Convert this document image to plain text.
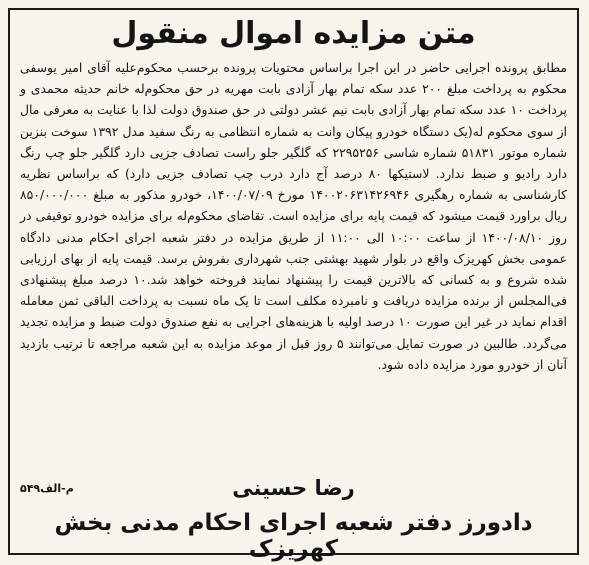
متن مزایده اموال منقول

مطابق پرونده اجرایی حاضر در این اجرا براساس محتویات پرونده برحسب محکوم‌علیه آقای امیر یوسفی محکوم به پرداخت مبلغ ۲۰۰ عدد سکه تمام بهار آزادی بابت مهریه در حق محکوم‌له خانم حدیثه محمدی و پرداخت ۱۰ عدد سکه تمام بهار آزادی بابت نیم عشر دولتی در حق صندوق دولت لذا با عنایت به معرفی مال از سوی محکوم له(یک دستگاه خودرو پیکان وانت به شماره انتظامی به رنگ سفید مدل ۱۳۹۲ سوخت بنزین شماره موتور ۵۱۸۳۱ شماره شاسی ۲۲۹۵۲۵۶ که گلگیر جلو راست تصادف جزیی دارد گلگیر جلو چپ رنگ دارد رادیو و ضبط ندارد. لاستیکها ۸۰ درصد آج دارد درب چپ تصادف جزیی دارد) که براساس نظریه کارشناسی به شماره رهگیری ۱۴۰۰۲۰۶۳۱۴۲۶۹۴۶ مورخ ۱۴۰۰/۰۷/۰۹، خودرو مذکور به مبلغ ۸۵۰/۰۰۰/۰۰۰ ریال براورد قیمت میشود که قیمت پایه برای مزایده است. تقاضای محکوم‌له برای مزایده خودرو توقیفی در روز ۱۴۰۰/۰۸/۱۰ از ساعت ۱۰:۰۰ الی ۱۱:۰۰ از طریق مزایده در دفتر شعبه اجرای احکام مدنی دادگاه عمومی بخش کهریزک واقع در بلوار شهید بهشتی جنب شهرداری بفروش برسد. قیمت پایه از بهای ارزیابی شده شروع و به کسانی که بالاترین قیمت را پیشنهاد نمایند فروخته خواهد شد.۱۰ درصد مبلغ پیشنهادی فی‌المجلس از برنده مزایده دریافت و نامبرده مکلف است تا یک ماه نسبت به پرداخت الباقی ثمن معامله اقدام نماید در غیر این صورت ۱۰ درصد اولیه با هزینه‌های اجرایی به نفع صندوق دولت ضبط و مزایده تجدید می‌گردد. طالبین در صورت تمایل می‌توانند ۵ روز قبل از موعد مزایده به این شعبه مراجعه تا ترتیب بازدید آنان از خودرو مورد مزایده داده شود.

م-الف۵۴۹	رضا حسینی
دادورز دفتر شعبه اجرای احکام مدنی بخش کهریزک
